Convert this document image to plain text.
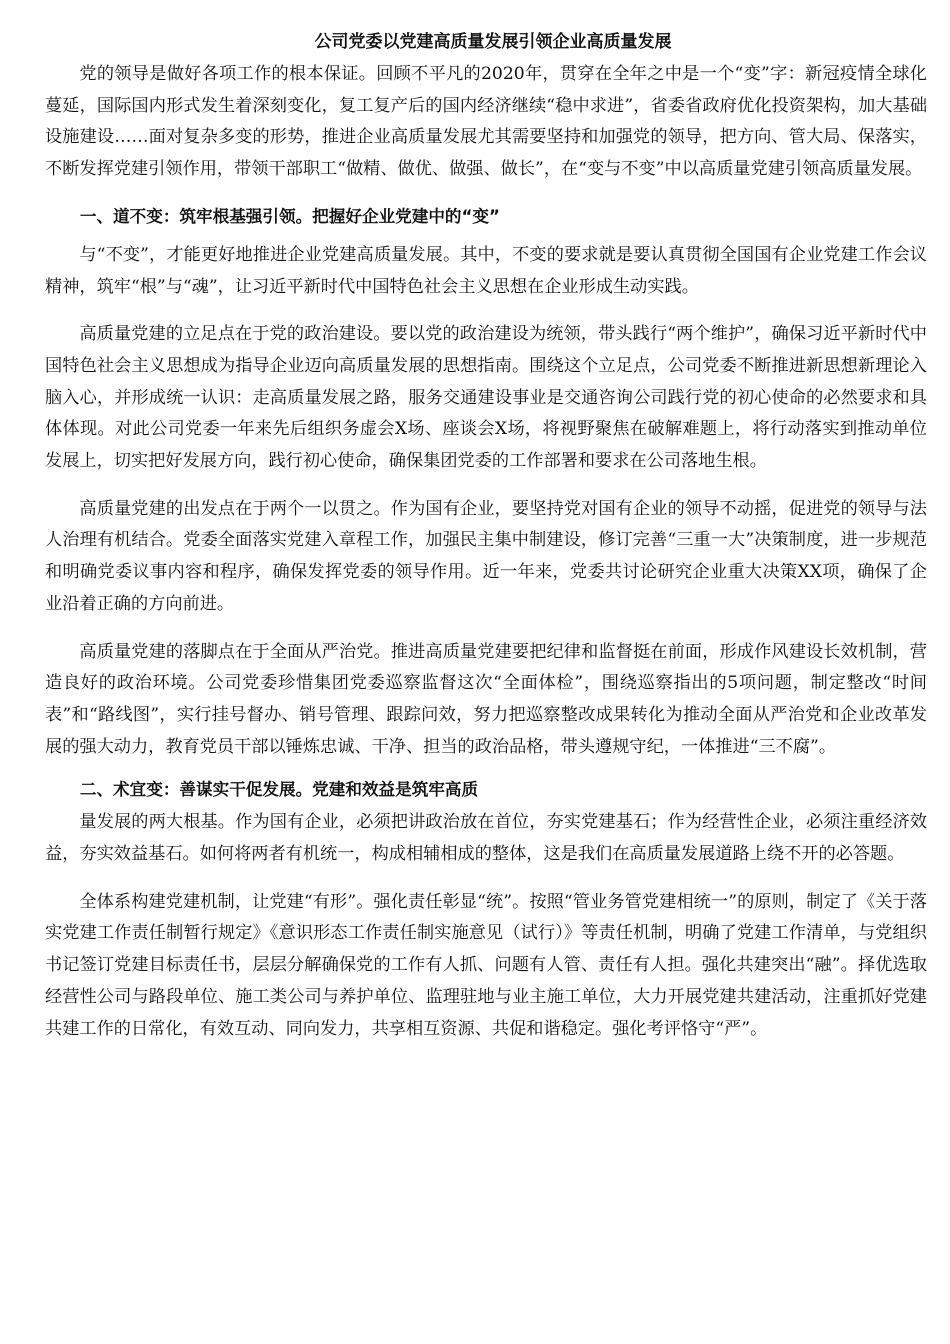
公司党委以党建高质量发展引领企业高质量发展

党的领导是做好各项工作的根本保证。回顾不平凡的2020年，贯穿在全年之中是一个“变”字：新冠疫情全球化蔓延，国际国内形式发生着深刻变化，复工复产后的国内经济继续“稳中求进”，省委省政府优化投资架构，加大基础设施建设……面对复杂多变的形势，推进企业高质量发展尤其需要坚持和加强党的领导，把方向、管大局、保落实，不断发挥党建引领作用，带领干部职工“做精、做优、做强、做长”，在“变与不变”中以高质量党建引领高质量发展。

一、道不变：筑牢根基强引领。把握好企业党建中的“变”

与“不变”，才能更好地推进企业党建高质量发展。其中，不变的要求就是要认真贯彻全国国有企业党建工作会议精神，筑牢“根”与“魂”，让习近平新时代中国特色社会主义思想在企业形成生动实践。

高质量党建的立足点在于党的政治建设。要以党的政治建设为统领，带头践行“两个维护”，确保习近平新时代中国特色社会主义思想成为指导企业迈向高质量发展的思想指南。围绕这个立足点，公司党委不断推进新思想新理论入脑入心，并形成统一认识：走高质量发展之路，服务交通建设事业是交通咨询公司践行党的初心使命的必然要求和具体体现。对此公司党委一年来先后组织务虚会X场、座谈会X场，将视野聚焦在破解难题上，将行动落实到推动单位发展上，切实把好发展方向，践行初心使命，确保集团党委的工作部署和要求在公司落地生根。

高质量党建的出发点在于两个一以贯之。作为国有企业，要坚持党对国有企业的领导不动摇，促进党的领导与法人治理有机结合。党委全面落实党建入章程工作，加强民主集中制建设，修订完善“三重一大”决策制度，进一步规范和明确党委议事内容和程序，确保发挥党委的领导作用。近一年来，党委共讨论研究企业重大决策XX项，确保了企业沿着正确的方向前进。

高质量党建的落脚点在于全面从严治党。推进高质量党建要把纪律和监督挺在前面，形成作风建设长效机制，营造良好的政治环境。公司党委珍惜集团党委巡察监督这次“全面体检”，围绕巡察指出的5项问题，制定整改“时间表”和“路线图”，实行挂号督办、销号管理、跟踪问效，努力把巡察整改成果转化为推动全面从严治党和企业改革发展的强大动力，教育党员干部以锤炼忠诚、干净、担当的政治品格，带头遵规守纪，一体推进“三不腐”。

二、术宜变：善谋实干促发展。党建和效益是筑牢高质

量发展的两大根基。作为国有企业，必须把讲政治放在首位，夯实党建基石；作为经营性企业，必须注重经济效益，夯实效益基石。如何将两者有机统一，构成相辅相成的整体，这是我们在高质量发展道路上绕不开的必答题。

全体系构建党建机制，让党建“有形”。强化责任彰显“统”。按照“管业务管党建相统一”的原则，制定了《关于落实党建工作责任制暂行规定》《意识形态工作责任制实施意见（试行）》等责任机制，明确了党建工作清单，与党组织书记签订党建目标责任书，层层分解确保党的工作有人抓、问题有人管、责任有人担。强化共建突出“融”。择优选取经营性公司与路段单位、施工类公司与养护单位、监理驻地与业主施工单位，大力开展党建共建活动，注重抓好党建共建工作的日常化，有效互动、同向发力，共享相互资源、共促和谐稳定。强化考评恪守“严”。
